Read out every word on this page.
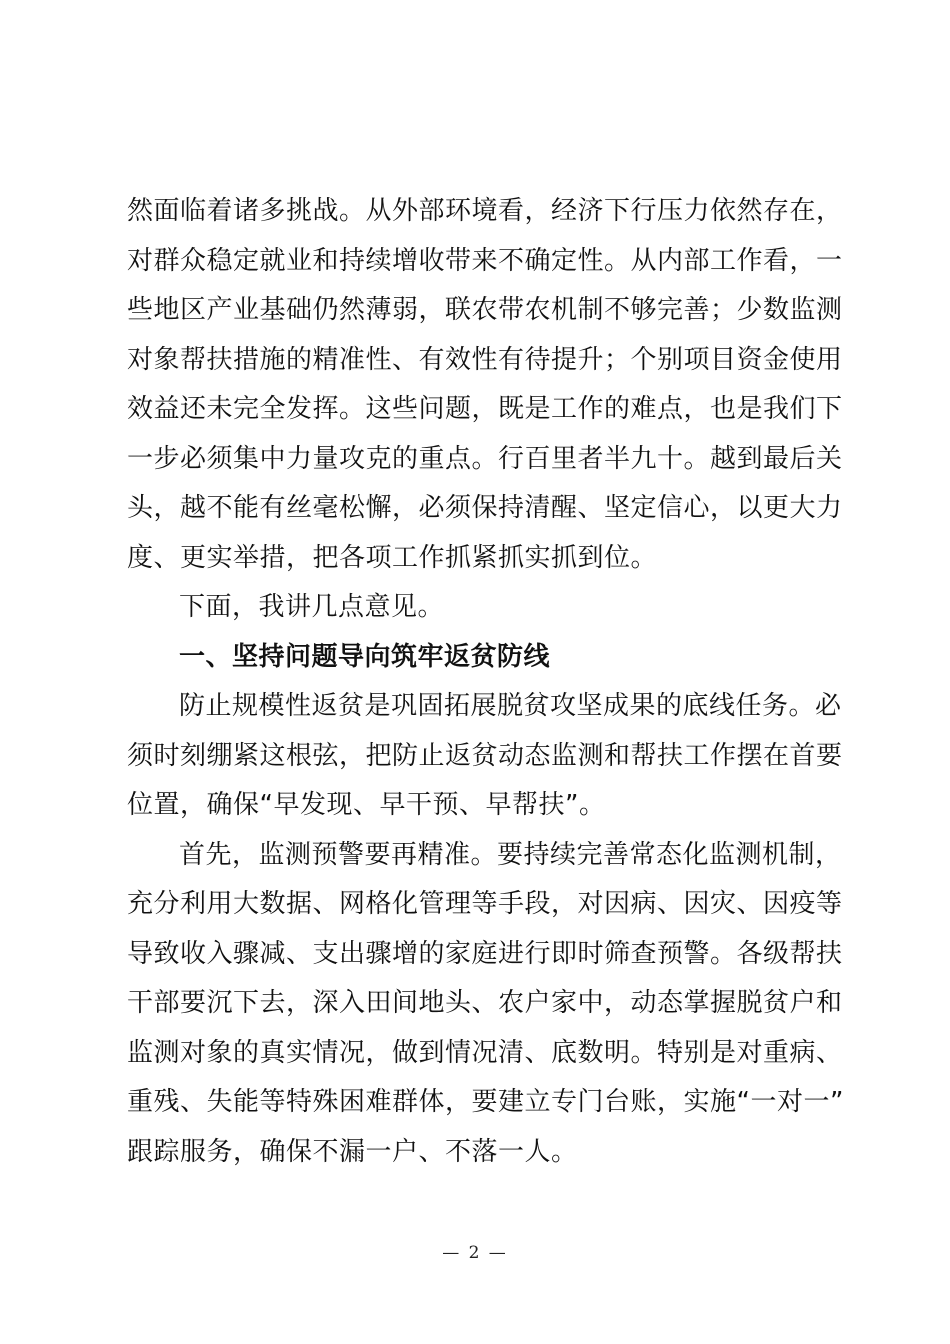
然面临着诸多挑战。从外部环境看，经济下行压力依然存在，
对群众稳定就业和持续增收带来不确定性。从内部工作看，一
些地区产业基础仍然薄弱，联农带农机制不够完善；少数监测
对象帮扶措施的精准性、有效性有待提升；个别项目资金使用
效益还未完全发挥。这些问题，既是工作的难点，也是我们下
一步必须集中力量攻克的重点。行百里者半九十。越到最后关
头，越不能有丝毫松懈，必须保持清醒、坚定信心，以更大力
度、更实举措，把各项工作抓紧抓实抓到位。
下面，我讲几点意见。
一、坚持问题导向筑牢返贫防线
防止规模性返贫是巩固拓展脱贫攻坚成果的底线任务。必
须时刻绷紧这根弦，把防止返贫动态监测和帮扶工作摆在首要
位置，确保“早发现、早干预、早帮扶”。
首先，监测预警要再精准。要持续完善常态化监测机制，
充分利用大数据、网格化管理等手段，对因病、因灾、因疫等
导致收入骤减、支出骤增的家庭进行即时筛查预警。各级帮扶
干部要沉下去，深入田间地头、农户家中，动态掌握脱贫户和
监测对象的真实情况，做到情况清、底数明。特别是对重病、
重残、失能等特殊困难群体，要建立专门台账，实施“一对一”
跟踪服务，确保不漏一户、不落一人。
— 2 —
